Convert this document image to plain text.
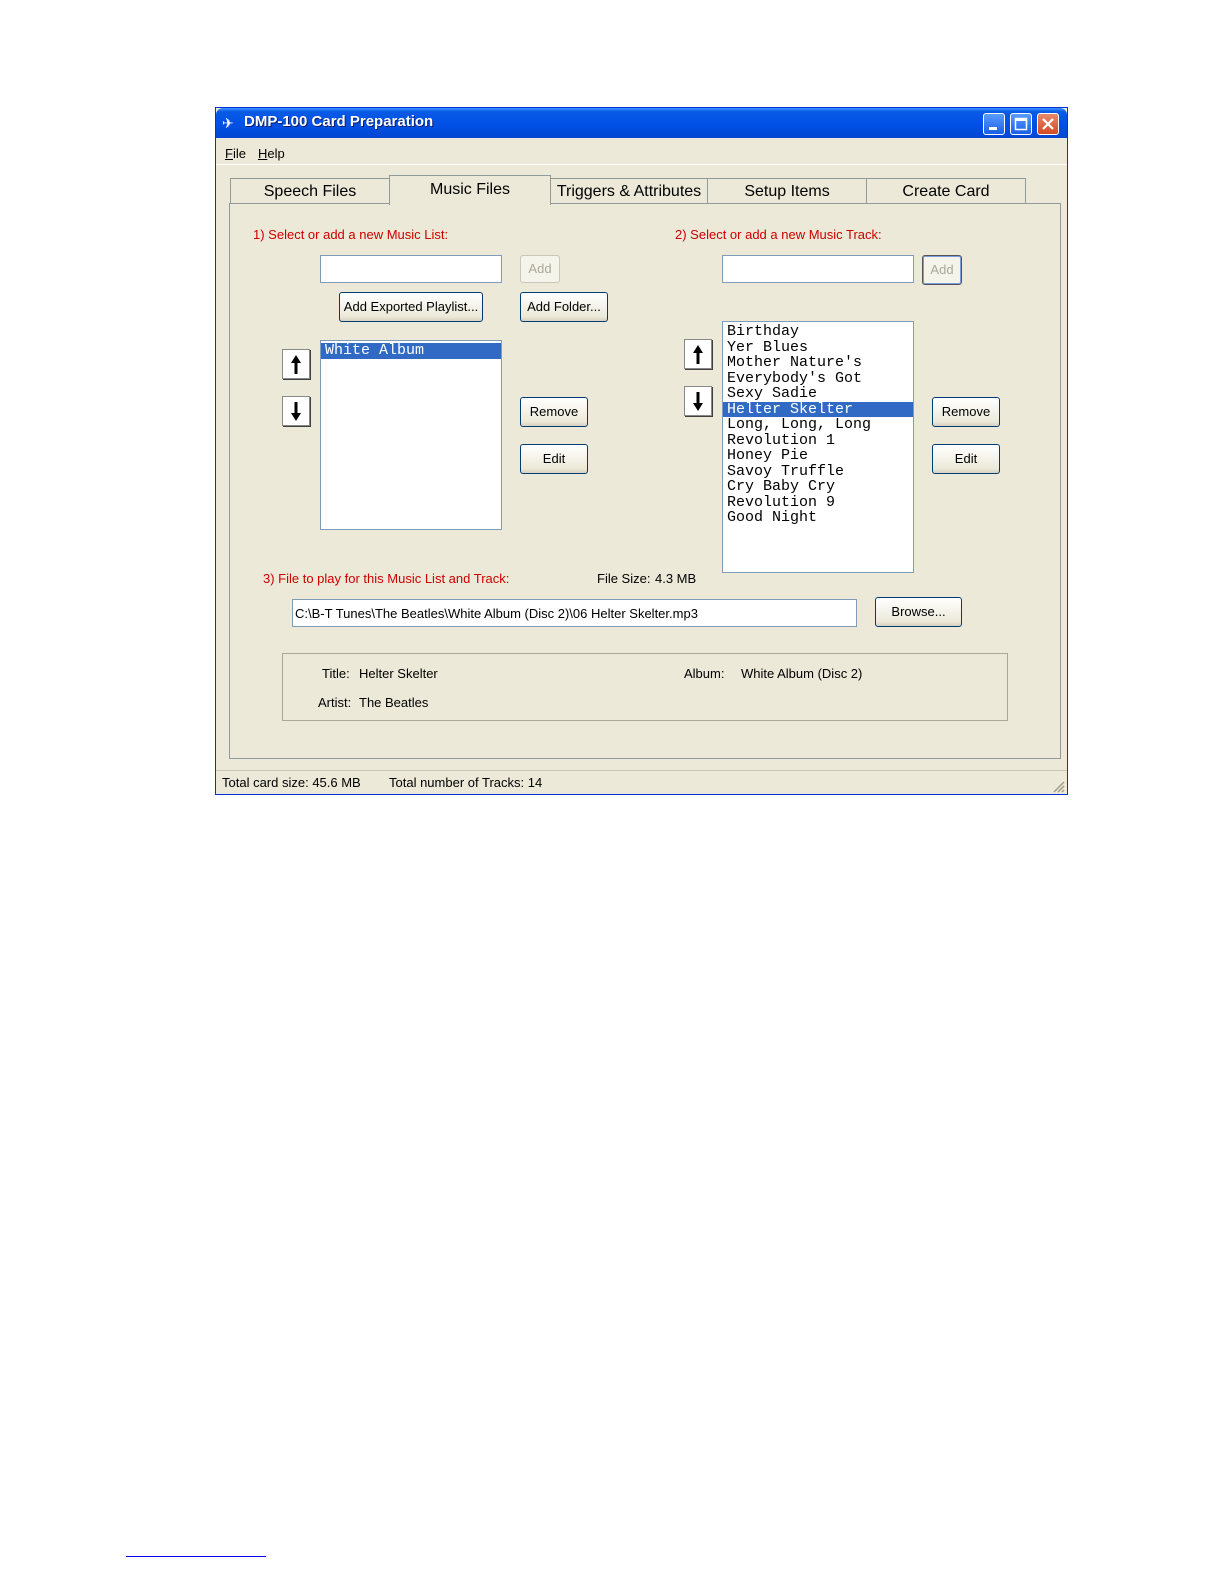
✈ DMP-100 Card Preparation
File Help
Speech Files	Music Files	Triggers & Attributes	Setup Items	Create Card
1) Select or add a new Music List:
Add
Add Exported Playlist...	Add Folder...
White Album
Remove
Edit
2) Select or add a new Music Track:
Add
Birthday
Yer Blues
Mother Nature's
Everybody's Got
Sexy Sadie
Helter Skelter
Long, Long, Long
Revolution 1
Honey Pie
Savoy Truffle
Cry Baby Cry
Revolution 9
Good Night
Remove
Edit
3) File to play for this Music List and Track:	File Size: 4.3 MB
C:\B-T Tunes\The Beatles\White Album (Disc 2)\06 Helter Skelter.mp3
Browse...
Title: Helter Skelter
Artist: The Beatles
Album: White Album (Disc 2)
Total card size: 45.6 MB Total number of Tracks: 14
